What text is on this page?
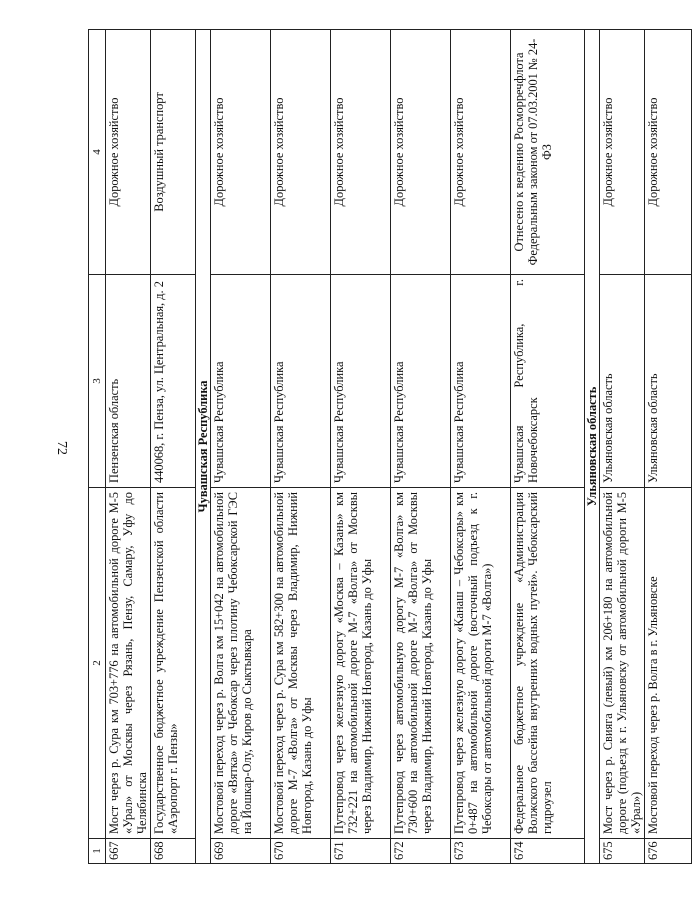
72
1	2	3	4
667	Мост через р. Сура км 703+776 на автомобильной дороге М-5 «Урал» от Москвы через Рязань, Пензу, Самару, Уфу до Челябинска	Пензенская область	Дорожное хозяйство
668	Государственное бюджетное учреждение Пензенской области «Аэропорт г. Пензы»	440068, г. Пенза, ул. Центральная, д. 2	Воздушный транспорт
Чувашская Республика			
669	Мостовой переход через р. Волга км 15+042 на автомобильной дороге «Вятка» от Чебоксар через плотину Чебоксарской ГЭС на Йошкар-Олу, Киров до Сыктывкара	Чувашская Республика	Дорожное хозяйство
670	Мостовой переход через р. Сура км 582+300 на автомобильной дороге М-7 «Волга» от Москвы через Владимир, Нижний Новгород, Казань до Уфы	Чувашская Республика	Дорожное хозяйство
671	Путепровод через железную дорогу «Москва – Казань» км 732+221 на автомобильной дороге М-7 «Волга» от Москвы через Владимир, Нижний Новгород, Казань до Уфы	Чувашская Республика	Дорожное хозяйство
672	Путепровод через автомобильную дорогу М-7 «Волга» км 730+600 на автомобильной дороге М-7 «Волга» от Москвы через Владимир, Нижний Новгород, Казань до Уфы	Чувашская Республика	Дорожное хозяйство
673	Путепровод через железную дорогу «Канаш – Чебоксары» км 0+487 на автомобильной дороге (восточный подъезд к г. Чебоксары от автомобильной дороги М-7 «Волга»)	Чувашская Республика	Дорожное хозяйство
674	Федеральное бюджетное учреждение «Администрация Волжского бассейна внутренних водных путей». Чебоксарский гидроузел	Чувашская Республика, г. Новочебоксарск	Отнесено к ведению Росморречфлота Федеральным законом от 07.03.2001 № 24-ФЗ
Ульяновская область			
675	Мост через р. Свияга (левый) км 206+180 на автомобильной дороге (подъезд к г. Ульяновску от автомобильной дороги М-5 «Урал»)	Ульяновская область	Дорожное хозяйство
676	Мостовой переход через р. Волга в г. Ульяновске	Ульяновская область	Дорожное хозяйство
